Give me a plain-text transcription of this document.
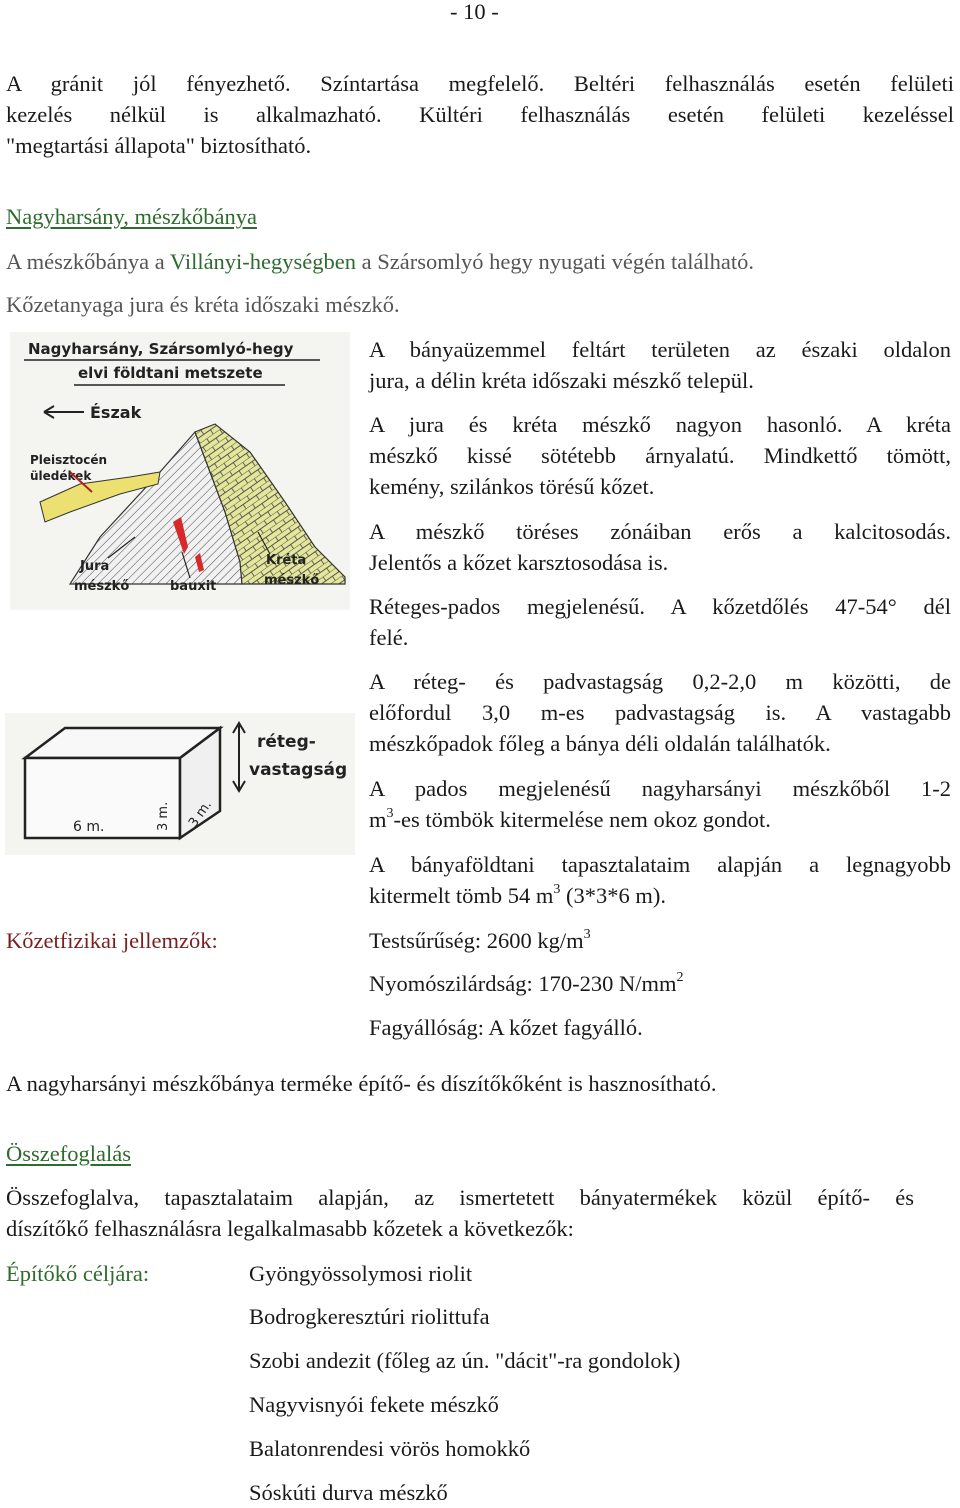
- 10 -
A gránit jól fényezhető. Színtartása megfelelő. Beltéri felhasználás esetén felületi
kezelés nélkül is alkalmazható. Kültéri felhasználás esetén felületi kezeléssel
"megtartási állapota" biztosítható.
Nagyharsány, mészkőbánya
A mészkőbánya a Villányi-hegységben a Szársomlyó hegy nyugati végén található.
Kőzetanyaga jura és kréta időszaki mészkő.
Nagyharsány, Szársomlyó-hegy
elvi földtani metszete
Észak
Pleisztocén
üledékek
Jura
mészkő	bauxit
Kréta
mészkő
6 m.	3 m. 3 m.
réteg-
vastagság
A bányaüzemmel feltárt területen az északi oldalon
jura, a délin kréta időszaki mészkő települ.
A jura és kréta mészkő nagyon hasonló. A kréta
mészkő kissé sötétebb árnyalatú. Mindkettő tömött,
kemény, szilánkos törésű kőzet.
A mészkő töréses zónáiban erős a kalcitosodás.
Jelentős a kőzet karsztosodása is.
Réteges-pados megjelenésű. A kőzetdőlés 47-54° dél
felé.
A réteg- és padvastagság 0,2-2,0 m közötti, de
előfordul 3,0 m-es padvastagság is. A vastagabb
mészkőpadok főleg a bánya déli oldalán találhatók.
A pados megjelenésű nagyharsányi mészkőből 1-2
$m^3-es$ tömbök kitermelése nem okoz gondot.
A bányaföldtani tapasztalataim alapján a legnagyobb
kitermelt tömb 54 $m^3$ (3*3*6 m).
Kőzetfizikai jellemzők:	Testsűrűség: 2600 $kg/m^3$
Nyomószilárdság: 170-230 $N/mm^2$
Fagyállóság: A kőzet fagyálló.
A nagyharsányi mészkőbánya terméke építő- és díszítőkőként is hasznosítható.
Összefoglalás
Összefoglalva, tapasztalataim alapján, az ismertetett bányatermékek közül építő- és
díszítőkő felhasználásra legalkalmasabb kőzetek a következők:
Építőkő céljára:	Gyöngyössolymosi riolit
Bodrogkeresztúri riolittufa
Szobi andezit (főleg az ún. "dácit"-ra gondolok)
Nagyvisnyói fekete mészkő
Balatonrendesi vörös homokkő
Sóskúti durva mészkő
